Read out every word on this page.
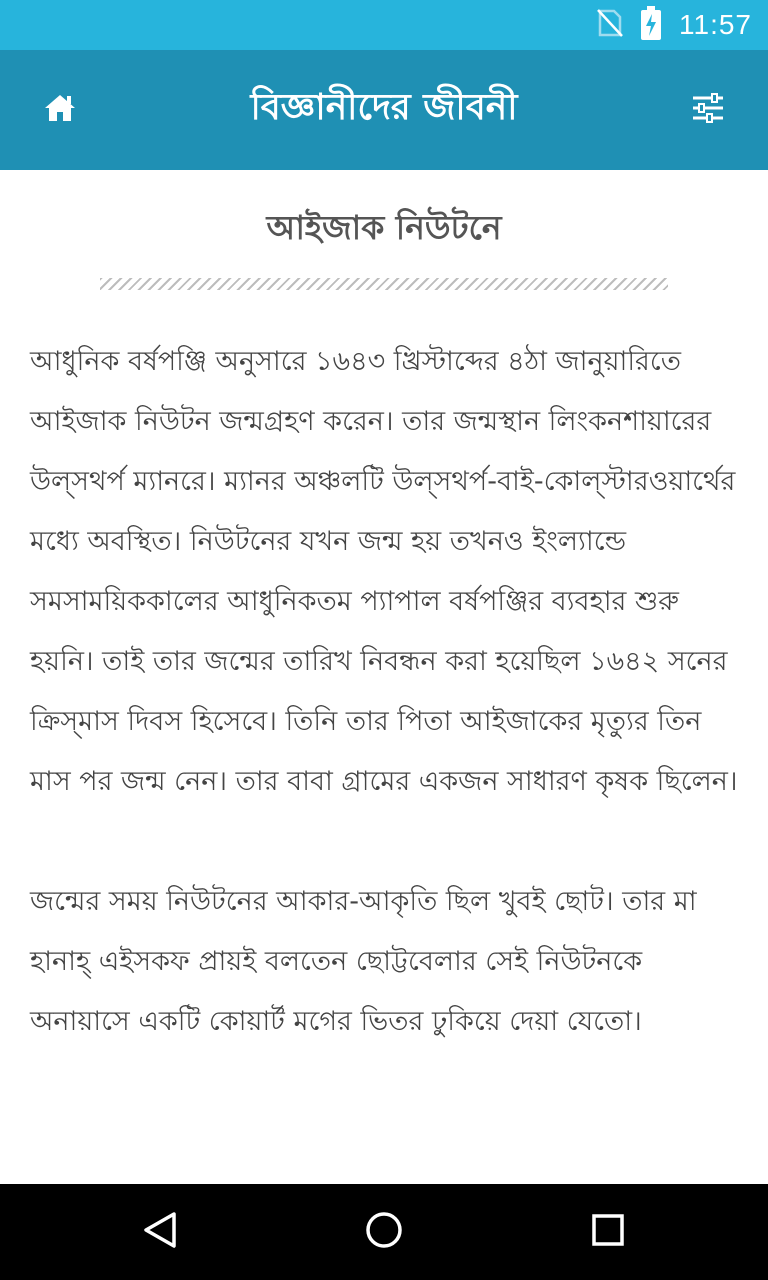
11:57
বিজ্ঞানীদের জীবনী
আইজাক নিউটনে

আধুনিক বর্ষপঞ্জি অনুসারে ১৬৪৩ খ্রিস্টাব্দের ৪ঠা জানুয়ারিতে আইজাক নিউটন জন্মগ্রহণ করেন। তার জন্মস্থান লিংকনশায়ারের উল্‌সথর্প ম্যানরে। ম্যানর অঞ্চলটি উল্‌সথর্প-বাই-কোল্‌স্টারওয়ার্থের মধ্যে অবস্থিত। নিউটনের যখন জন্ম হয় তখনও ইংল্যান্ডে সমসাময়িককালের আধুনিকতম প্যাপাল বর্ষপঞ্জির ব্যবহার শুরু হয়নি। তাই তার জন্মের তারিখ নিবন্ধন করা হয়েছিল ১৬৪২ সনের ক্রিস্‌মাস দিবস হিসেবে। তিনি তার পিতা আইজাকের মৃত্যুর তিন মাস পর জন্ম নেন। তার বাবা গ্রামের একজন সাধারণ কৃষক ছিলেন।

জন্মের সময় নিউটনের আকার-আকৃতি ছিল খুবই ছোট। তার মা হানাহ্‌ এইসকফ প্রায়ই বলতেন ছোট্টবেলার সেই নিউটনকে অনায়াসে একটি কোয়ার্ট মগের ভিতর ঢুকিয়ে দেয়া যেতো।
